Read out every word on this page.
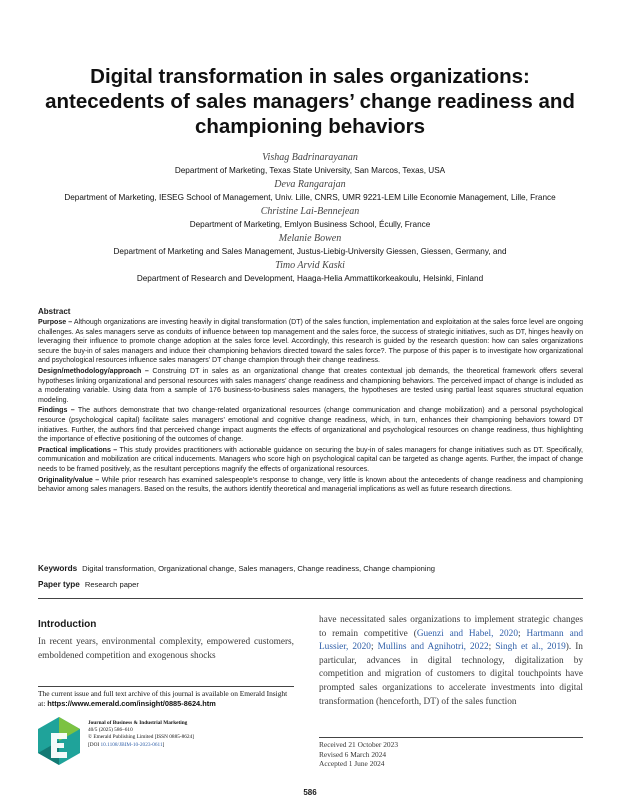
Digital transformation in sales organizations: antecedents of sales managers’ change readiness and championing behaviors
Vishag Badrinarayanan
Department of Marketing, Texas State University, San Marcos, Texas, USA
Deva Rangarajan
Department of Marketing, IESEG School of Management, Univ. Lille, CNRS, UMR 9221-LEM Lille Economie Management, Lille, France
Christine Lai-Bennejean
Department of Marketing, Emlyon Business School, Écully, France
Melanie Bowen
Department of Marketing and Sales Management, Justus-Liebig-University Giessen, Giessen, Germany, and
Timo Arvid Kaski
Department of Research and Development, Haaga-Helia Ammattikorkeakoulu, Helsinki, Finland
Abstract

Purpose – Although organizations are investing heavily in digital transformation (DT) of the sales function, implementation and exploitation at the sales force level are ongoing challenges. As sales managers serve as conduits of influence between top management and the sales force, the success of strategic initiatives, such as DT, hinges heavily on leveraging their influence to promote change adoption at the sales force level. Accordingly, this research is guided by the research question: how can sales organizations secure the buy-in of sales managers and induce their championing behaviors directed toward the sales force?. The purpose of this paper is to investigate how organizational and psychological resources influence sales managers’ DT change champion through their change readiness.

Design/methodology/approach – Construing DT in sales as an organizational change that creates contextual job demands, the theoretical framework offers several hypotheses linking organizational and personal resources with sales managers’ change readiness and championing behaviors. The perceived impact of change is included as a moderating variable. Using data from a sample of 176 business-to-business sales managers, the hypotheses are tested using partial least squares structural equation modeling.

Findings – The authors demonstrate that two change-related organizational resources (change communication and change mobilization) and a personal psychological resource (psychological capital) facilitate sales managers’ emotional and cognitive change readiness, which, in turn, enhances their championing behaviors toward DT initiatives. Further, the authors find that perceived change impact augments the effects of organizational and psychological resources on change readiness, thus highlighting the importance of effective positioning of the outcomes of change.

Practical implications – This study provides practitioners with actionable guidance on securing the buy-in of sales managers for change initiatives such as DT. Specifically, communication and mobilization are critical inducements. Managers who score high on psychological capital can be targeted as change agents. Further, the impact of change needs to be framed positively, as the resultant perceptions magnify the effects of organizational resources.

Originality/value – While prior research has examined salespeople’s response to change, very little is known about the antecedents of change readiness and championing behavior among sales managers. Based on the results, the authors identify theoretical and managerial implications as well as future research directions.

Keywords Digital transformation, Organizational change, Sales managers, Change readiness, Change championing
Paper type Research paper
Introduction
In recent years, environmental complexity, empowered customers, emboldened competition and exogenous shocks
have necessitated sales organizations to implement strategic changes to remain competitive (Guenzi and Habel, 2020; Hartmann and Lussier, 2020; Mullins and Agnihotri, 2022; Singh et al., 2019). In particular, advances in digital technology, digitalization by competition and migration of customers to digital touchpoints have prompted sales organizations to accelerate investments into digital transformation (henceforth, DT) of the sales function
The current issue and full text archive of this journal is available on Emerald Insight at: https://www.emerald.com/insight/0885-8624.htm
Journal of Business & Industrial Marketing
40/5 (2025) 586–610
© Emerald Publishing Limited [ISSN 0885-8624]
[DOI 10.1108/JBIM-10-2023-0611]	Received 21 October 2023
Revised 6 March 2024
Accepted 1 June 2024
586
